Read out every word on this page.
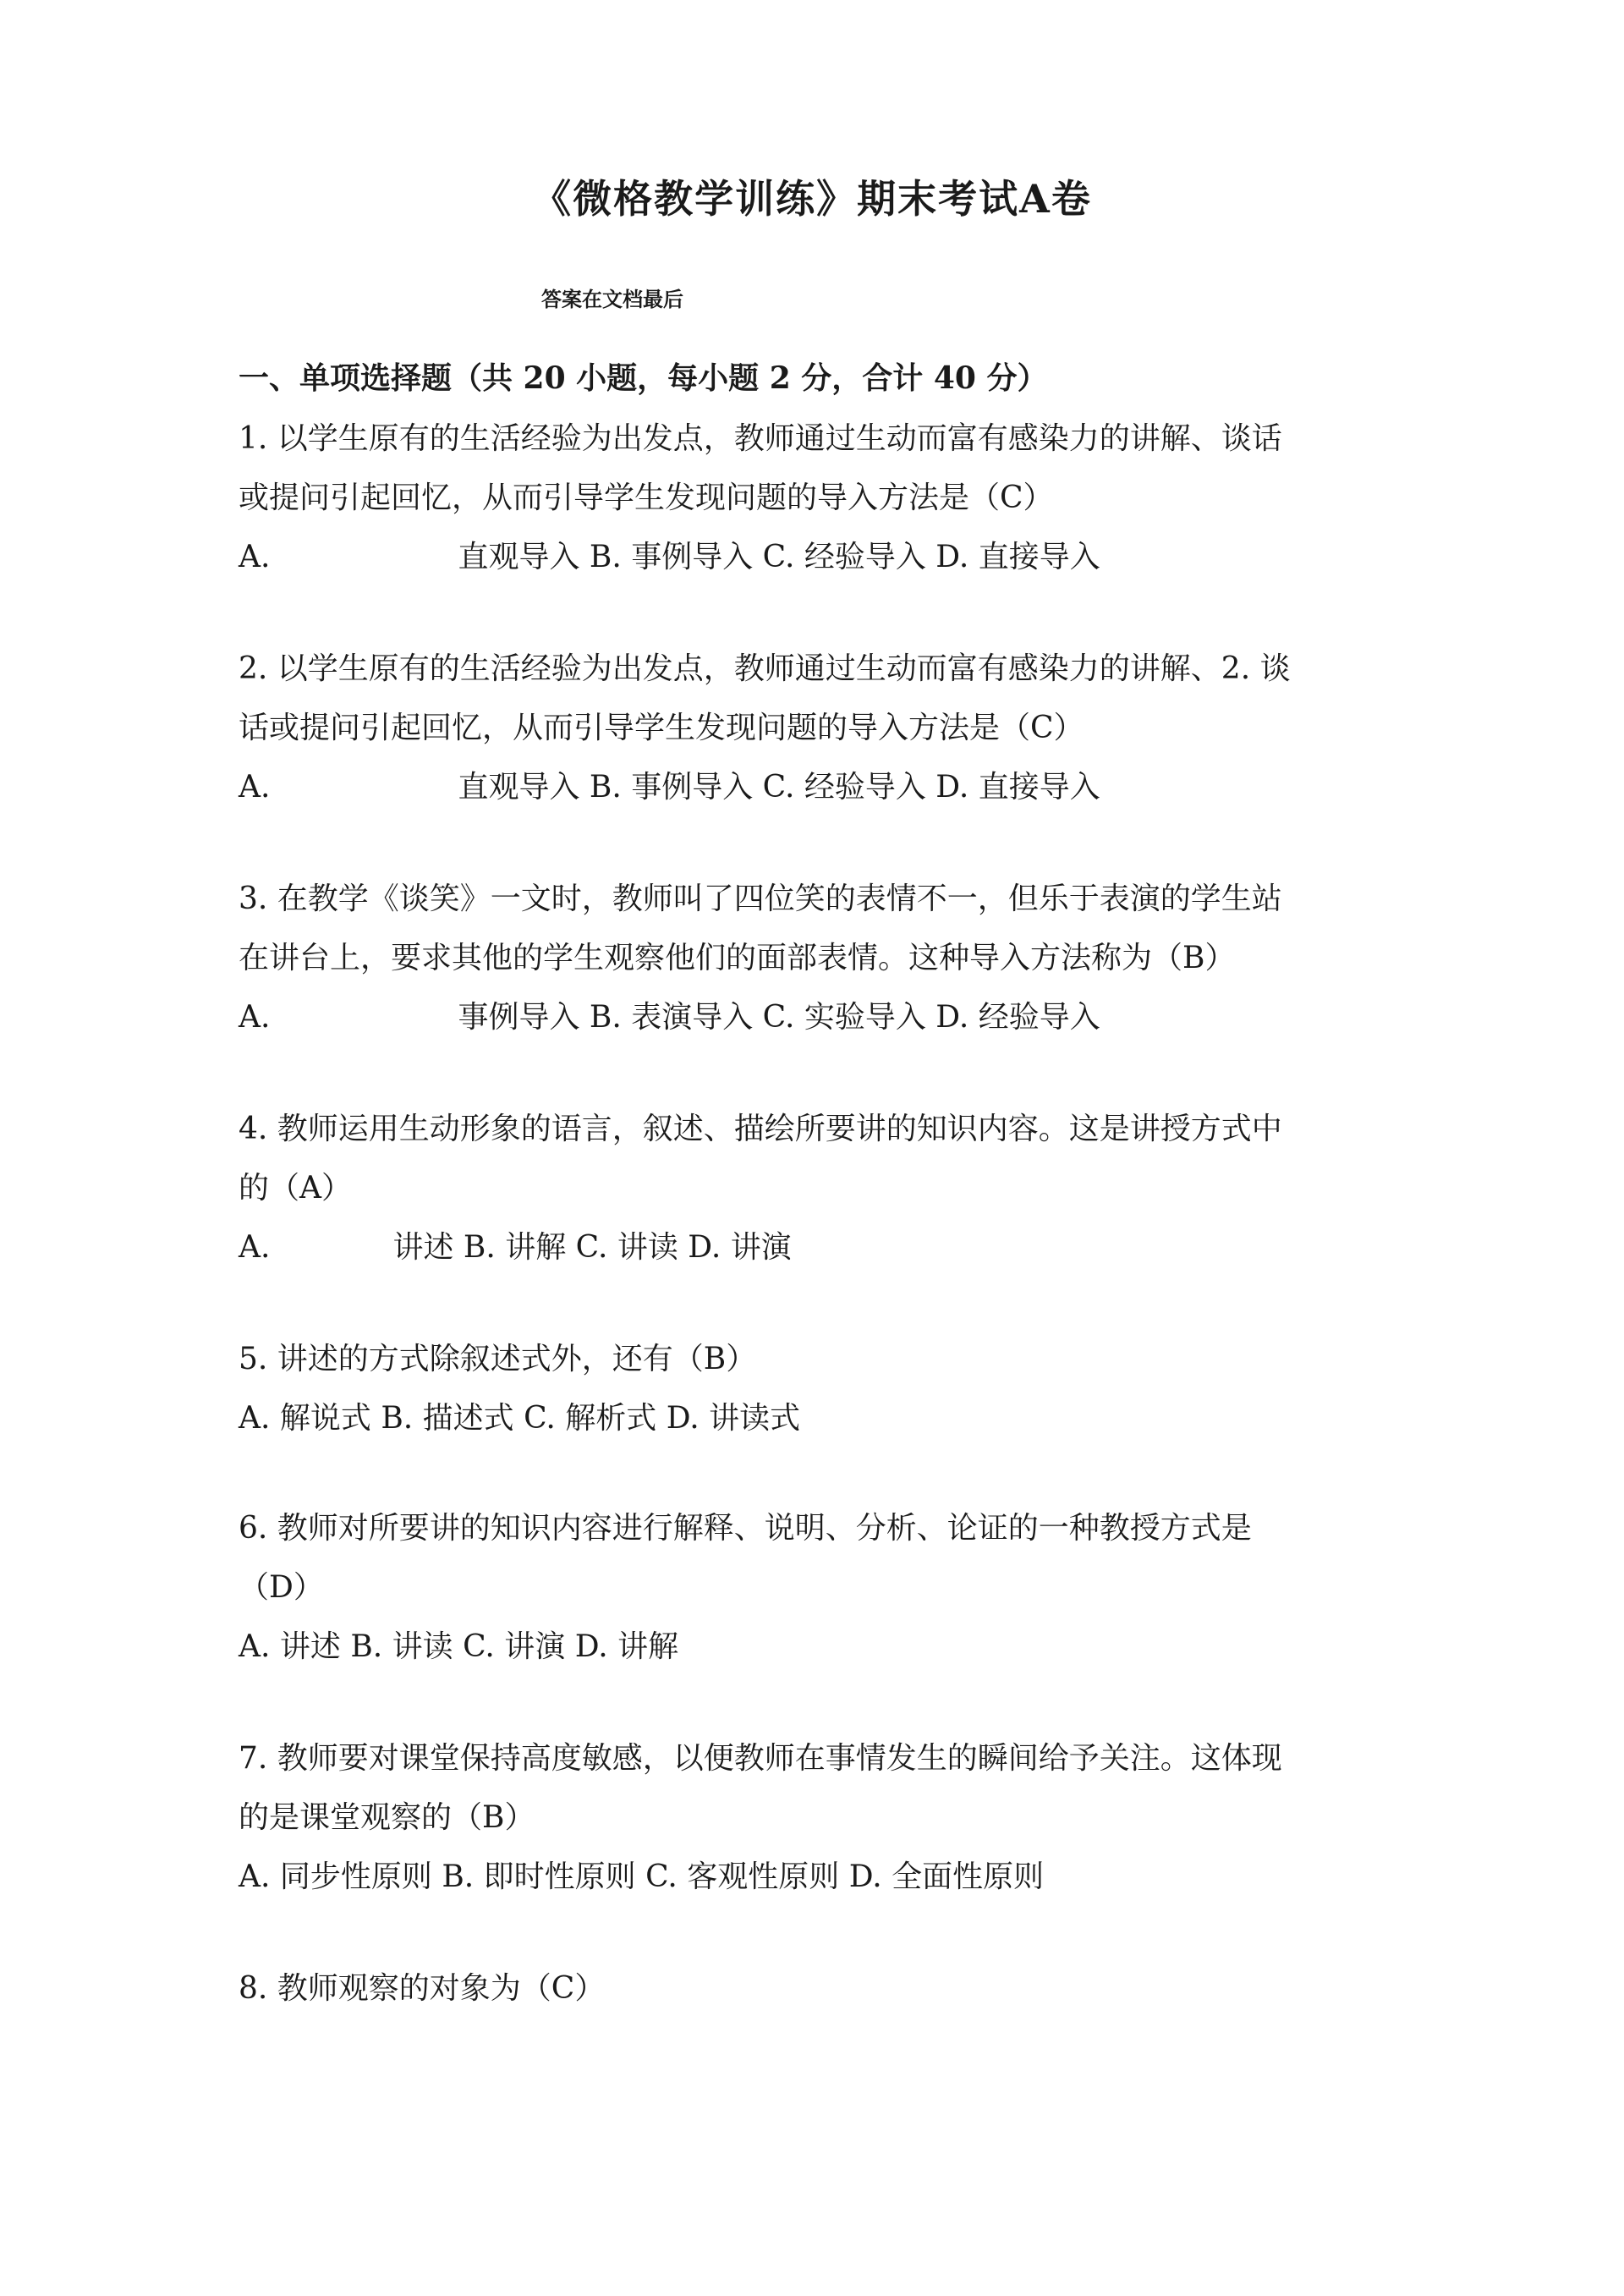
《微格教学训练》期末考试A卷
答案在文档最后
一、单项选择题（共 20 小题，每小题 2 分，合计 40 分）

1. 以学生原有的生活经验为出发点，教师通过生动而富有感染力的讲解、谈话

或提问引起回忆，从而引导学生发现问题的导入方法是（C）

A.	直观导入 B. 事例导入 C. 经验导入 D. 直接导入

2. 以学生原有的生活经验为出发点，教师通过生动而富有感染力的讲解、2. 谈

话或提问引起回忆，从而引导学生发现问题的导入方法是（C）

A.	直观导入 B. 事例导入 C. 经验导入 D. 直接导入

3. 在教学《谈笑》一文时，教师叫了四位笑的表情不一，但乐于表演的学生站

在讲台上，要求其他的学生观察他们的面部表情。这种导入方法称为（B）

A.	事例导入 B. 表演导入 C. 实验导入 D. 经验导入

4. 教师运用生动形象的语言，叙述、描绘所要讲的知识内容。这是讲授方式中

的（A）

A.	讲述 B. 讲解 C. 讲读 D. 讲演

5. 讲述的方式除叙述式外，还有（B）

A. 解说式 B. 描述式 C. 解析式 D. 讲读式

6. 教师对所要讲的知识内容进行解释、说明、分析、论证的一种教授方式是

（D）

A. 讲述 B. 讲读 C. 讲演 D. 讲解

7. 教师要对课堂保持高度敏感，以便教师在事情发生的瞬间给予关注。这体现

的是课堂观察的（B）

A. 同步性原则 B. 即时性原则 C. 客观性原则 D. 全面性原则

8. 教师观察的对象为（C）
